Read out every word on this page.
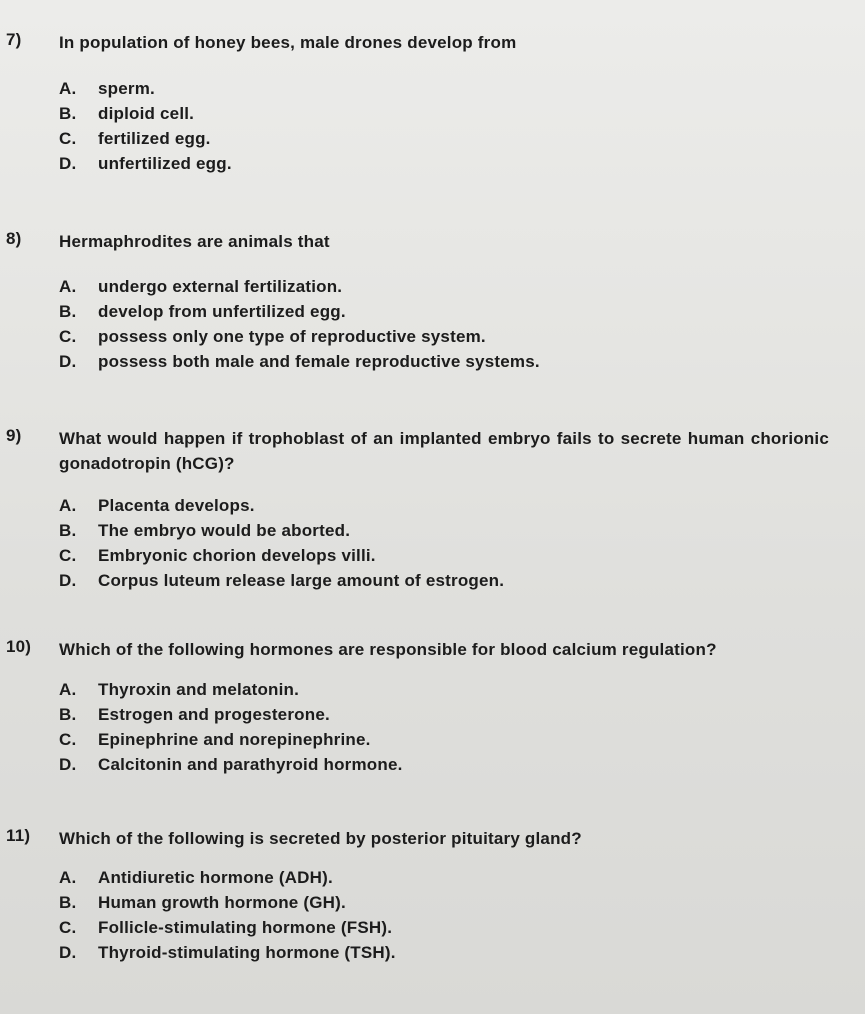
7) In population of honey bees, male drones develop from
A. sperm.
B. diploid cell.
C. fertilized egg.
D. unfertilized egg.
8) Hermaphrodites are animals that
A. undergo external fertilization.
B. develop from unfertilized egg.
C. possess only one type of reproductive system.
D. possess both male and female reproductive systems.
9) What would happen if trophoblast of an implanted embryo fails to secrete human chorionic gonadotropin (hCG)?
A. Placenta develops.
B. The embryo would be aborted.
C. Embryonic chorion develops villi.
D. Corpus luteum release large amount of estrogen.
10) Which of the following hormones are responsible for blood calcium regulation?
A. Thyroxin and melatonin.
B. Estrogen and progesterone.
C. Epinephrine and norepinephrine.
D. Calcitonin and parathyroid hormone.
11) Which of the following is secreted by posterior pituitary gland?
A. Antidiuretic hormone (ADH).
B. Human growth hormone (GH).
C. Follicle-stimulating hormone (FSH).
D. Thyroid-stimulating hormone (TSH).
